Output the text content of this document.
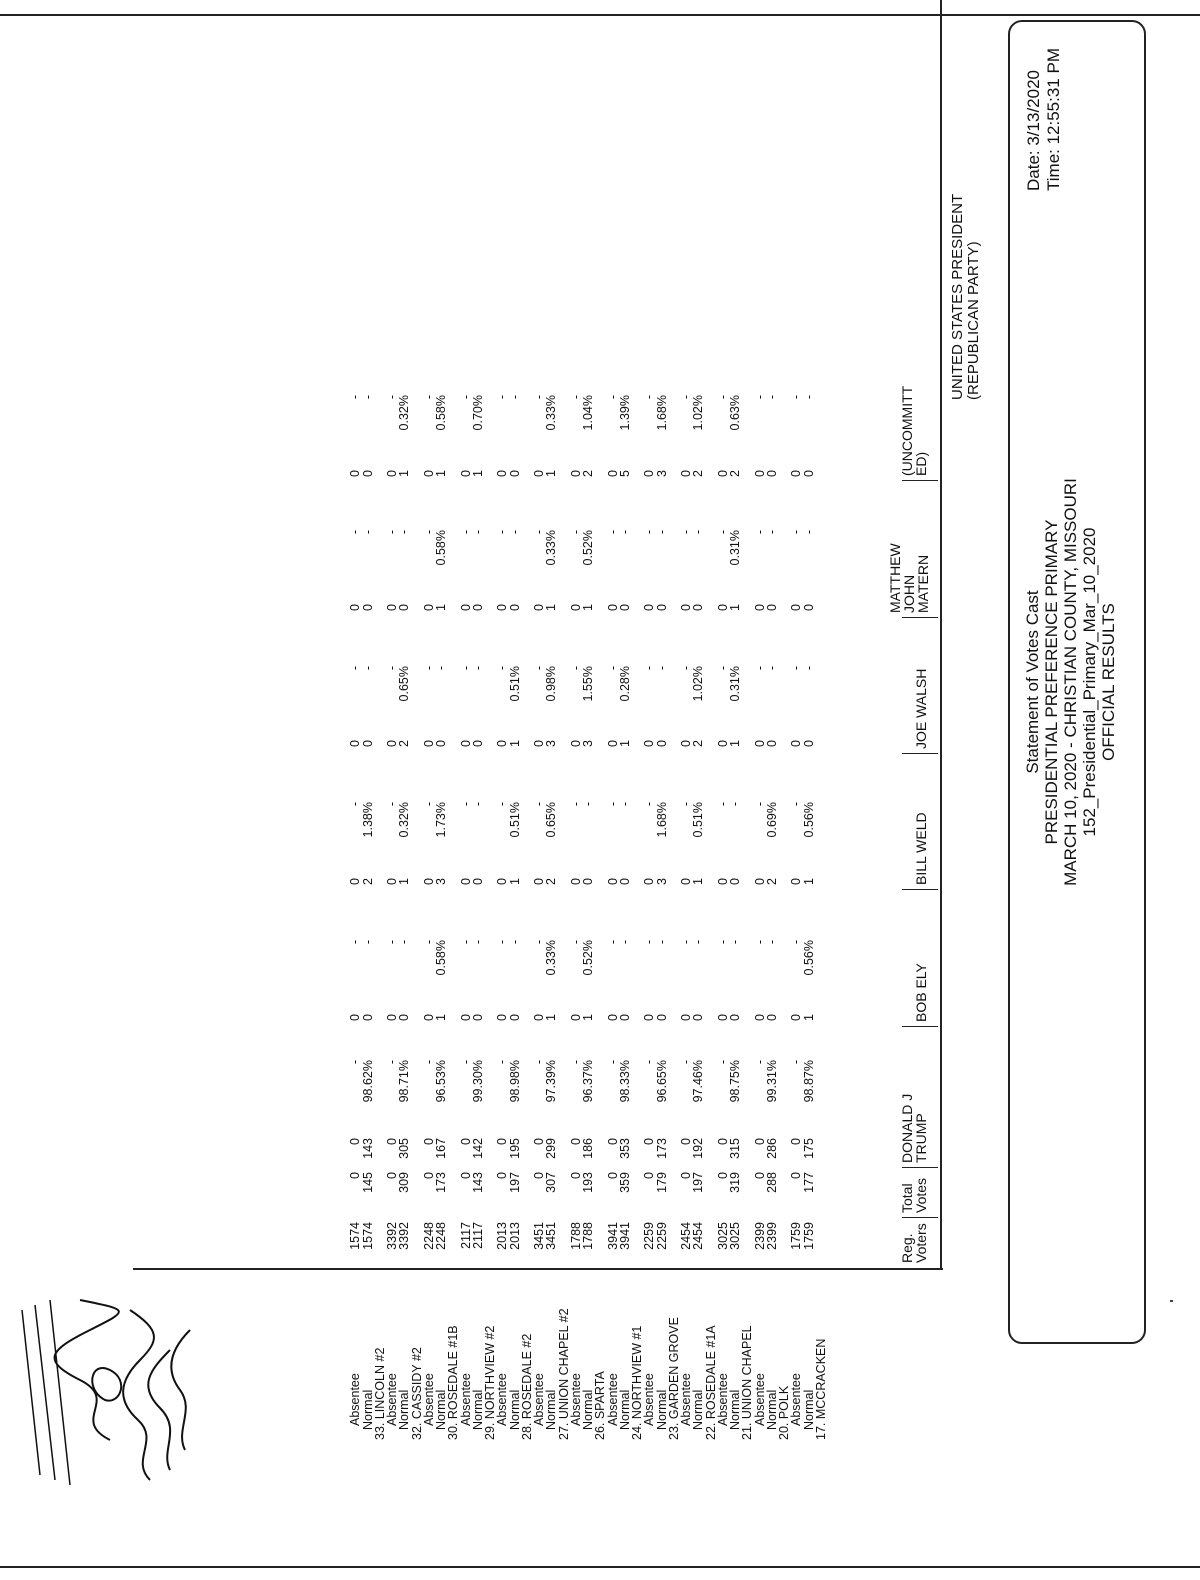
Statement of Votes Cast PRESIDENTIAL PREFERENCE PRIMARY MARCH 10, 2020 - CHRISTIAN COUNTY, MISSOURI 152_Presidential_Primary_Mar_10_2020 OFFICIAL RESULTS
Date: 3/13/2020 Time: 12:55:31 PM
UNITED STATES PRESIDENT (REPUBLICAN PARTY)
Reg.
Voters
Total
Votes
DONALD J
TRUMP
BOB ELY
BILL WELD
JOE WALSH
MATTHEW
JOHN
MATERN
(UNCOMMITT
ED)
17. MCCRACKEN
Normal
1759
177
175
98.87%
1
0.56%
1
0.56%
0
-
0
-
0
-
Absentee
1759
0
0
-
0
-
0
-
0
-
0
-
0
-
20. POLK
Normal
2399
288
286
99.31%
0
-
2
0.69%
0
-
0
-
0
-
Absentee
2399
0
0
-
0
-
0
-
0
-
0
-
0
-
21. UNION CHAPEL
Normal
3025
319
315
98.75%
0
-
0
-
1
0.31%
1
0.31%
2
0.63%
Absentee
3025
0
0
-
0
-
0
-
0
-
0
-
0
-
22. ROSEDALE #1A
Normal
2454
197
192
97.46%
0
-
1
0.51%
2
1.02%
0
-
2
1.02%
Absentee
2454
0
0
-
0
-
0
-
0
-
0
-
0
-
23. GARDEN GROVE
Normal
2259
179
173
96.65%
0
-
3
1.68%
0
-
0
-
3
1.68%
Absentee
2259
0
0
-
0
-
0
-
0
-
0
-
0
-
24. NORTHVIEW #1
Normal
3941
359
353
98.33%
0
-
0
-
1
0.28%
0
-
5
1.39%
Absentee
3941
0
0
-
0
-
0
-
0
-
0
-
0
-
26. SPARTA
Normal
1788
193
186
96.37%
1
0.52%
0
-
3
1.55%
1
0.52%
2
1.04%
Absentee
1788
0
0
-
0
-
0
-
0
-
0
-
0
-
27. UNION CHAPEL #2
Normal
3451
307
299
97.39%
1
0.33%
2
0.65%
3
0.98%
1
0.33%
1
0.33%
Absentee
3451
0
0
-
0
-
0
-
0
-
0
-
0
-
28. ROSEDALE #2
Normal
2013
197
195
98.98%
0
-
1
0.51%
1
0.51%
0
-
0
-
Absentee
2013
0
0
-
0
-
0
-
0
-
0
-
0
-
29. NORTHVIEW #2
Normal
2117
143
142
99.30%
0
-
0
-
0
-
0
-
1
0.70%
Absentee
2117
0
0
-
0
-
0
-
0
-
0
-
0
-
30. ROSEDALE #1B
Normal
2248
173
167
96.53%
1
0.58%
3
1.73%
0
-
1
0.58%
1
0.58%
Absentee
2248
0
0
-
0
-
0
-
0
-
0
-
0
-
32. CASSIDY #2
Normal
3392
309
305
98.71%
0
-
1
0.32%
2
0.65%
0
-
1
0.32%
Absentee
3392
0
0
-
0
-
0
-
0
-
0
-
0
-
33. LINCOLN #2
Normal
1574
145
143
98.62%
0
-
2
1.38%
0
-
0
-
0
-
Absentee
1574
0
0
-
0
-
0
-
0
-
0
-
0
-
